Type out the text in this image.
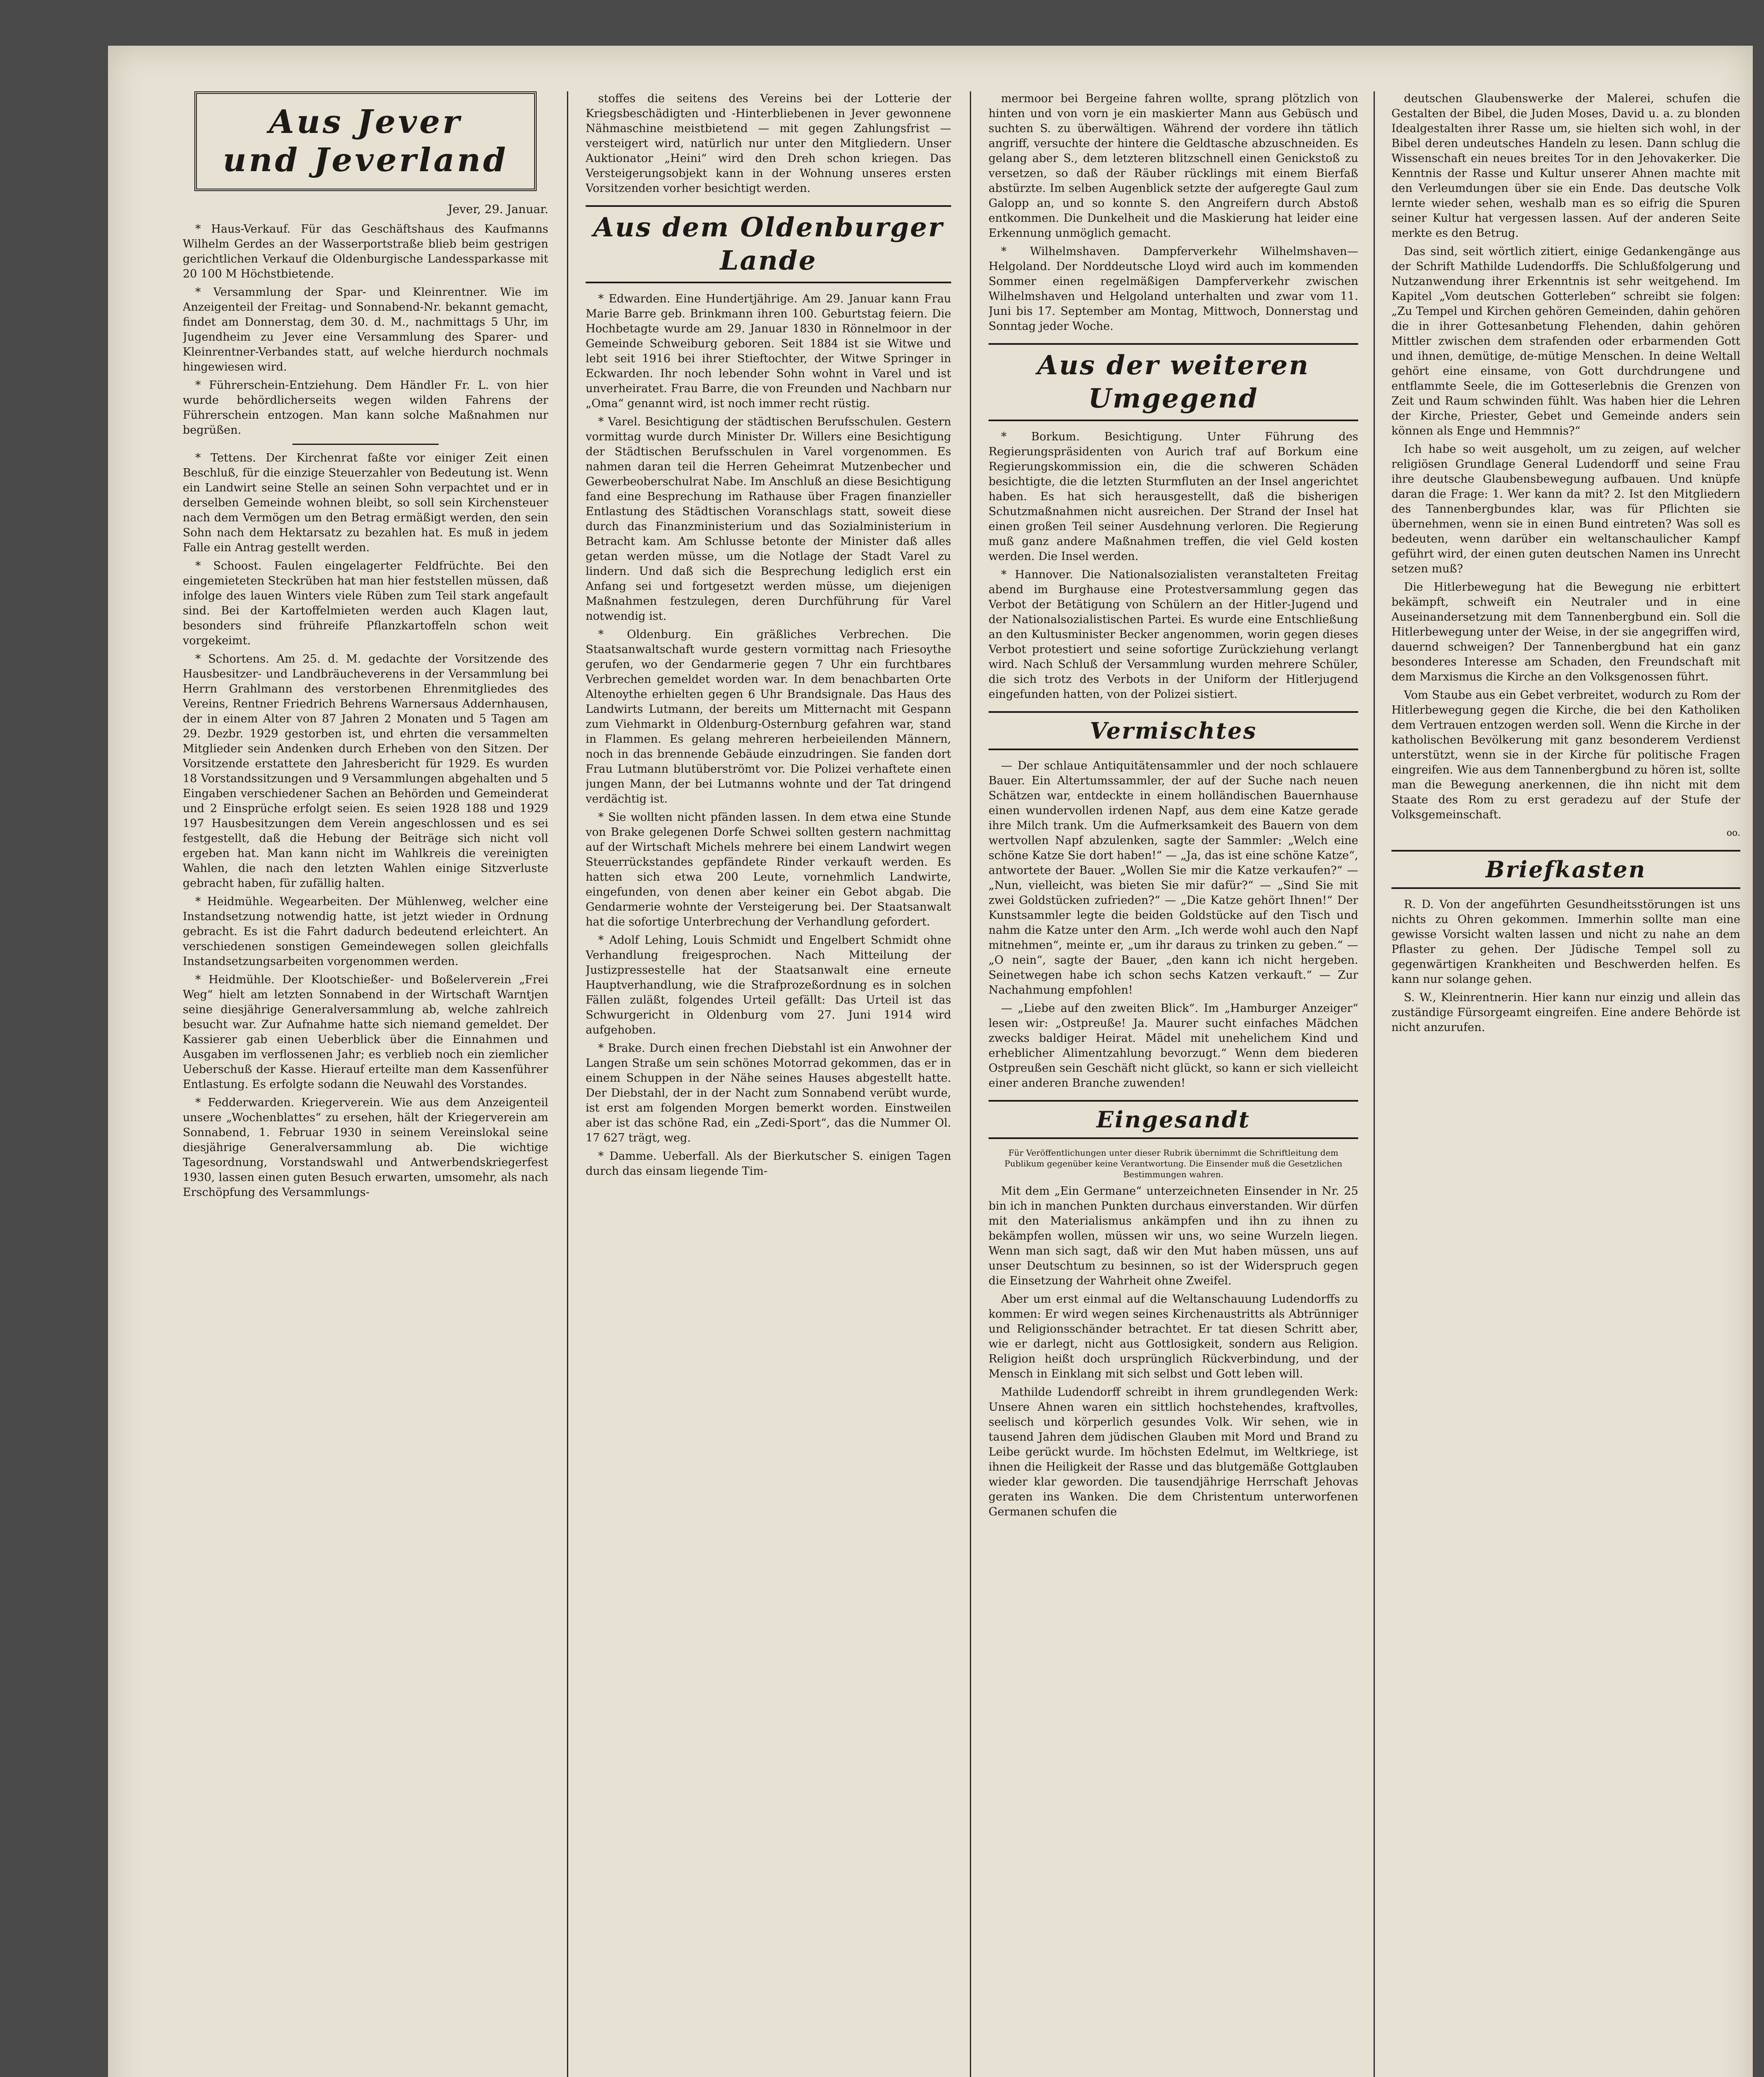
Aus Jever
und Jeverland
Jever, 29. Januar.

* Haus-Verkauf. Für das Geschäftshaus des Kaufmanns Wilhelm Gerdes an der Wasserportstraße blieb beim gestrigen gerichtlichen Verkauf die Oldenburgische Landessparkasse mit 20 100 M Höchstbietende.

* Versammlung der Spar- und Kleinrentner. Wie im Anzeigenteil der Freitag- und Sonnabend-Nr. bekannt gemacht, findet am Donnerstag, dem 30. d. M., nachmittags 5 Uhr, im Jugendheim zu Jever eine Versammlung des Sparer- und Kleinrentner-Verbandes statt, auf welche hierdurch nochmals hingewiesen wird.

* Führerschein-Entziehung. Dem Händler Fr. L. von hier wurde behördlicherseits wegen wilden Fahrens der Führerschein entzogen. Man kann solche Maßnahmen nur begrüßen.

* Tettens. Der Kirchenrat faßte vor einiger Zeit einen Beschluß, für die einzige Steuerzahler von Bedeutung ist. Wenn ein Landwirt seine Stelle an seinen Sohn verpachtet und er in derselben Gemeinde wohnen bleibt, so soll sein Kirchensteuer nach dem Vermögen um den Betrag ermäßigt werden, den sein Sohn nach dem Hektarsatz zu bezahlen hat. Es muß in jedem Falle ein Antrag gestellt werden.

* Schoost. Faulen eingelagerter Feldfrüchte. Bei den eingemieteten Steckrüben hat man hier feststellen müssen, daß infolge des lauen Winters viele Rüben zum Teil stark angefault sind. Bei der Kartoffelmieten werden auch Klagen laut, besonders sind frühreife Pflanzkartoffeln schon weit vorgekeimt.

* Schortens. Am 25. d. M. gedachte der Vorsitzende des Hausbesitzer- und Landbräucheverens in der Versammlung bei Herrn Grahlmann des verstorbenen Ehrenmitgliedes des Vereins, Rentner Friedrich Behrens Warnersaus Addernhausen, der in einem Alter von 87 Jahren 2 Monaten und 5 Tagen am 29. Dezbr. 1929 gestorben ist, und ehrten die versammelten Mitglieder sein Andenken durch Erheben von den Sitzen. Der Vorsitzende erstattete den Jahresbericht für 1929. Es wurden 18 Vorstandssitzungen und 9 Versammlungen abgehalten und 5 Eingaben verschiedener Sachen an Behörden und Gemeinderat und 2 Einsprüche erfolgt seien. Es seien 1928 188 und 1929 197 Hausbesitzungen dem Verein angeschlossen und es sei festgestellt, daß die Hebung der Beiträge sich nicht voll ergeben hat. Man kann nicht im Wahlkreis die vereinigten Wahlen, die nach den letzten Wahlen einige Sitzverluste gebracht haben, für zufällig halten.

* Heidmühle. Wegearbeiten. Der Mühlenweg, welcher eine Instandsetzung notwendig hatte, ist jetzt wieder in Ordnung gebracht. Es ist die Fahrt dadurch bedeutend erleichtert. An verschiedenen sonstigen Gemeindewegen sollen gleichfalls Instandsetzungsarbeiten vorgenommen werden.

* Heidmühle. Der Klootschießer- und Boßelerverein „Frei Weg“ hielt am letzten Sonnabend in der Wirtschaft Warntjen seine diesjährige Generalversammlung ab, welche zahlreich besucht war. Zur Aufnahme hatte sich niemand gemeldet. Der Kassierer gab einen Ueberblick über die Einnahmen und Ausgaben im verflossenen Jahr; es verblieb noch ein ziemlicher Ueberschuß der Kasse. Hierauf erteilte man dem Kassenführer Entlastung. Es erfolgte sodann die Neuwahl des Vorstandes.

* Fedderwarden. Kriegerverein. Wie aus dem Anzeigenteil unsere „Wochenblattes“ zu ersehen, hält der Kriegerverein am Sonnabend, 1. Februar 1930 in seinem Vereinslokal seine diesjährige Generalversammlung ab. Die wichtige Tagesordnung, Vorstandswahl und Antwerbendskriegerfest 1930, lassen einen guten Besuch erwarten, umsomehr, als nach Erschöpfung des Versammlungs-

stoffes die seitens des Vereins bei der Lotterie der Kriegsbeschädigten und -Hinterbliebenen in Jever gewonnene Nähmaschine meistbietend — mit gegen Zahlungsfrist — versteigert wird, natürlich nur unter den Mitgliedern. Unser Auktionator „Heini“ wird den Dreh schon kriegen. Das Versteigerungsobjekt kann in der Wohnung unseres ersten Vorsitzenden vorher besichtigt werden.

Aus dem Oldenburger
Lande

* Edwarden. Eine Hundertjährige. Am 29. Januar kann Frau Marie Barre geb. Brinkmann ihren 100. Geburtstag feiern. Die Hochbetagte wurde am 29. Januar 1830 in Rönnelmoor in der Gemeinde Schweiburg geboren. Seit 1884 ist sie Witwe und lebt seit 1916 bei ihrer Stieftochter, der Witwe Springer in Eckwarden. Ihr noch lebender Sohn wohnt in Varel und ist unverheiratet. Frau Barre, die von Freunden und Nachbarn nur „Oma“ genannt wird, ist noch immer recht rüstig.

* Varel. Besichtigung der städtischen Berufsschulen. Gestern vormittag wurde durch Minister Dr. Willers eine Besichtigung der Städtischen Berufsschulen in Varel vorgenommen. Es nahmen daran teil die Herren Geheimrat Mutzenbecher und Gewerbeoberschulrat Nabe. Im Anschluß an diese Besichtigung fand eine Besprechung im Rathause über Fragen finanzieller Entlastung des Städtischen Voranschlags statt, soweit diese durch das Finanzministerium und das Sozialministerium in Betracht kam. Am Schlusse betonte der Minister daß alles getan werden müsse, um die Notlage der Stadt Varel zu lindern. Und daß sich die Besprechung lediglich erst ein Anfang sei und fortgesetzt werden müsse, um diejenigen Maßnahmen festzulegen, deren Durchführung für Varel notwendig ist.

* Oldenburg. Ein gräßliches Verbrechen. Die Staatsanwaltschaft wurde gestern vormittag nach Friesoythe gerufen, wo der Gendarmerie gegen 7 Uhr ein furchtbares Verbrechen gemeldet worden war. In dem benachbarten Orte Altenoythe erhielten gegen 6 Uhr Brandsignale. Das Haus des Landwirts Lutmann, der bereits um Mitternacht mit Gespann zum Viehmarkt in Oldenburg-Osternburg gefahren war, stand in Flammen. Es gelang mehreren herbeieilenden Männern, noch in das brennende Gebäude einzudringen. Sie fanden dort Frau Lutmann blutüberströmt vor. Die Polizei verhaftete einen jungen Mann, der bei Lutmanns wohnte und der Tat dringend verdächtig ist.

* Sie wollten nicht pfänden lassen. In dem etwa eine Stunde von Brake gelegenen Dorfe Schwei sollten gestern nachmittag auf der Wirtschaft Michels mehrere bei einem Landwirt wegen Steuerrückstandes gepfändete Rinder verkauft werden. Es hatten sich etwa 200 Leute, vornehmlich Landwirte, eingefunden, von denen aber keiner ein Gebot abgab. Die Gendarmerie wohnte der Versteigerung bei. Der Staatsanwalt hat die sofortige Unterbrechung der Verhandlung gefordert.

* Adolf Lehing, Louis Schmidt und Engelbert Schmidt ohne Verhandlung freigesprochen. Nach Mitteilung der Justizpressestelle hat der Staatsanwalt eine erneute Hauptverhandlung, wie die Strafprozeßordnung es in solchen Fällen zuläßt, folgendes Urteil gefällt: Das Urteil ist das Schwurgericht in Oldenburg vom 27. Juni 1914 wird aufgehoben.

* Brake. Durch einen frechen Diebstahl ist ein Anwohner der Langen Straße um sein schönes Motorrad gekommen, das er in einem Schuppen in der Nähe seines Hauses abgestellt hatte. Der Diebstahl, der in der Nacht zum Sonnabend verübt wurde, ist erst am folgenden Morgen bemerkt worden. Einstweilen aber ist das schöne Rad, ein „Zedi-Sport“, das die Nummer Ol. 17 627 trägt, weg.

* Damme. Ueberfall. Als der Bierkutscher S. einigen Tagen durch das einsam liegende Tim-

mermoor bei Bergeine fahren wollte, sprang plötzlich von hinten und von vorn je ein maskierter Mann aus Gebüsch und suchten S. zu überwältigen. Während der vordere ihn tätlich angriff, versuchte der hintere die Geldtasche abzuschneiden. Es gelang aber S., dem letzteren blitzschnell einen Genickstoß zu versetzen, so daß der Räuber rücklings mit einem Bierfaß abstürzte. Im selben Augenblick setzte der aufgeregte Gaul zum Galopp an, und so konnte S. den Angreifern durch Abstoß entkommen. Die Dunkelheit und die Maskierung hat leider eine Erkennung unmöglich gemacht.

* Wilhelmshaven. Dampferverkehr Wilhelmshaven—Helgoland. Der Norddeutsche Lloyd wird auch im kommenden Sommer einen regelmäßigen Dampferverkehr zwischen Wilhelmshaven und Helgoland unterhalten und zwar vom 11. Juni bis 17. September am Montag, Mittwoch, Donnerstag und Sonntag jeder Woche.

Aus der weiteren
Umgegend

* Borkum. Besichtigung. Unter Führung des Regierungspräsidenten von Aurich traf auf Borkum eine Regierungskommission ein, die die schweren Schäden besichtigte, die die letzten Sturmfluten an der Insel angerichtet haben. Es hat sich herausgestellt, daß die bisherigen Schutzmaßnahmen nicht ausreichen. Der Strand der Insel hat einen großen Teil seiner Ausdehnung verloren. Die Regierung muß ganz andere Maßnahmen treffen, die viel Geld kosten werden. Die Insel werden.

* Hannover. Die Nationalsozialisten veranstalteten Freitag abend im Burghause eine Protestversammlung gegen das Verbot der Betätigung von Schülern an der Hitler-Jugend und der Nationalsozialistischen Partei. Es wurde eine Entschließung an den Kultusminister Becker angenommen, worin gegen dieses Verbot protestiert und seine sofortige Zurückziehung verlangt wird. Nach Schluß der Versammlung wurden mehrere Schüler, die sich trotz des Verbots in der Uniform der Hitlerjugend eingefunden hatten, von der Polizei sistiert.

Vermischtes

— Der schlaue Antiquitätensammler und der noch schlauere Bauer. Ein Altertumssammler, der auf der Suche nach neuen Schätzen war, entdeckte in einem holländischen Bauernhause einen wundervollen irdenen Napf, aus dem eine Katze gerade ihre Milch trank. Um die Aufmerksamkeit des Bauern von dem wertvollen Napf abzulenken, sagte der Sammler: „Welch eine schöne Katze Sie dort haben!“ — „Ja, das ist eine schöne Katze“, antwortete der Bauer. „Wollen Sie mir die Katze verkaufen?“ — „Nun, vielleicht, was bieten Sie mir dafür?“ — „Sind Sie mit zwei Goldstücken zufrieden?“ — „Die Katze gehört Ihnen!“ Der Kunstsammler legte die beiden Goldstücke auf den Tisch und nahm die Katze unter den Arm. „Ich werde wohl auch den Napf mitnehmen“, meinte er, „um ihr daraus zu trinken zu geben.“ — „O nein“, sagte der Bauer, „den kann ich nicht hergeben. Seinetwegen habe ich schon sechs Katzen verkauft.“ — Zur Nachahmung empfohlen!

— „Liebe auf den zweiten Blick“. Im „Hamburger Anzeiger“ lesen wir: „Ostpreuße! Ja. Maurer sucht einfaches Mädchen zwecks baldiger Heirat. Mädel mit unehelichem Kind und erheblicher Alimentzahlung bevorzugt.“ Wenn dem biederen Ostpreußen sein Geschäft nicht glückt, so kann er sich vielleicht einer anderen Branche zuwenden!

Eingesandt
Für Veröffentlichungen unter dieser Rubrik übernimmt die Schriftleitung dem Publikum gegenüber keine Verantwortung. Die Einsender muß die Gesetzlichen Bestimmungen wahren.

Mit dem „Ein Germane“ unterzeichneten Einsender in Nr. 25 bin ich in manchen Punkten durchaus einverstanden. Wir dürfen mit den Materialismus ankämpfen und ihn zu ihnen zu bekämpfen wollen, müssen wir uns, wo seine Wurzeln liegen. Wenn man sich sagt, daß wir den Mut haben müssen, uns auf unser Deutschtum zu besinnen, so ist der Widerspruch gegen die Einsetzung der Wahrheit ohne Zweifel.

Aber um erst einmal auf die Weltanschauung Ludendorffs zu kommen: Er wird wegen seines Kirchenaustritts als Abtrünniger und Religionsschänder betrachtet. Er tat diesen Schritt aber, wie er darlegt, nicht aus Gottlosigkeit, sondern aus Religion. Religion heißt doch ursprünglich Rückverbindung, und der Mensch in Einklang mit sich selbst und Gott leben will.

Mathilde Ludendorff schreibt in ihrem grundlegenden Werk: Unsere Ahnen waren ein sittlich hochstehendes, kraftvolles, seelisch und körperlich gesundes Volk. Wir sehen, wie in tausend Jahren dem jüdischen Glauben mit Mord und Brand zu Leibe gerückt wurde. Im höchsten Edelmut, im Weltkriege, ist ihnen die Heiligkeit der Rasse und das blutgemäße Gottglauben wieder klar geworden. Die tausendjährige Herrschaft Jehovas geraten ins Wanken. Die dem Christentum unterworfenen Germanen schufen die

deutschen Glaubenswerke der Malerei, schufen die Gestalten der Bibel, die Juden Moses, David u. a. zu blonden Idealgestalten ihrer Rasse um, sie hielten sich wohl, in der Bibel deren undeutsches Handeln zu lesen. Dann schlug die Wissenschaft ein neues breites Tor in den Jehovakerker. Die Kenntnis der Rasse und Kultur unserer Ahnen machte mit den Verleumdungen über sie ein Ende. Das deutsche Volk lernte wieder sehen, weshalb man es so eifrig die Spuren seiner Kultur hat vergessen lassen. Auf der anderen Seite merkte es den Betrug.

Das sind, seit wörtlich zitiert, einige Gedankengänge aus der Schrift Mathilde Ludendorffs. Die Schlußfolgerung und Nutzanwendung ihrer Erkenntnis ist sehr weitgehend. Im Kapitel „Vom deutschen Gotterleben“ schreibt sie folgen: „Zu Tempel und Kirchen gehören Gemeinden, dahin gehören die in ihrer Gottesanbetung Flehenden, dahin gehören Mittler zwischen dem strafenden oder erbarmenden Gott und ihnen, demütige, de-mütige Menschen. In deine Weltall gehört eine einsame, von Gott durchdrungene und entflammte Seele, die im Gotteserlebnis die Grenzen von Zeit und Raum schwinden fühlt. Was haben hier die Lehren der Kirche, Priester, Gebet und Gemeinde anders sein können als Enge und Hemmnis?“

Ich habe so weit ausgeholt, um zu zeigen, auf welcher religiösen Grundlage General Ludendorff und seine Frau ihre deutsche Glaubensbewegung aufbauen. Und knüpfe daran die Frage: 1. Wer kann da mit? 2. Ist den Mitgliedern des Tannenbergbundes klar, was für Pflichten sie übernehmen, wenn sie in einen Bund eintreten? Was soll es bedeuten, wenn darüber ein weltanschaulicher Kampf geführt wird, der einen guten deutschen Namen ins Unrecht setzen muß?

Die Hitlerbewegung hat die Bewegung nie erbittert bekämpft, schweift ein Neutraler und in eine Auseinandersetzung mit dem Tannenbergbund ein. Soll die Hitlerbewegung unter der Weise, in der sie angegriffen wird, dauernd schweigen? Der Tannenbergbund hat ein ganz besonderes Interesse am Schaden, den Freundschaft mit dem Marxismus die Kirche an den Volksgenossen führt.

Vom Staube aus ein Gebet verbreitet, wodurch zu Rom der Hitlerbewegung gegen die Kirche, die bei den Katholiken dem Vertrauen entzogen werden soll. Wenn die Kirche in der katholischen Bevölkerung mit ganz besonderem Verdienst unterstützt, wenn sie in der Kirche für politische Fragen eingreifen. Wie aus dem Tannenbergbund zu hören ist, sollte man die Bewegung anerkennen, die ihn nicht mit dem Staate des Rom zu erst geradezu auf der Stufe der Volksgemeinschaft.

oo.
Briefkasten

R. D. Von der angeführten Gesundheitsstörungen ist uns nichts zu Ohren gekommen. Immerhin sollte man eine gewisse Vorsicht walten lassen und nicht zu nahe an dem Pflaster zu gehen. Der Jüdische Tempel soll zu gegenwärtigen Krankheiten und Beschwerden helfen. Es kann nur solange gehen.

S. W., Kleinrentnerin. Hier kann nur einzig und allein das zuständige Fürsorgeamt eingreifen. Eine andere Behörde ist nicht anzurufen.
